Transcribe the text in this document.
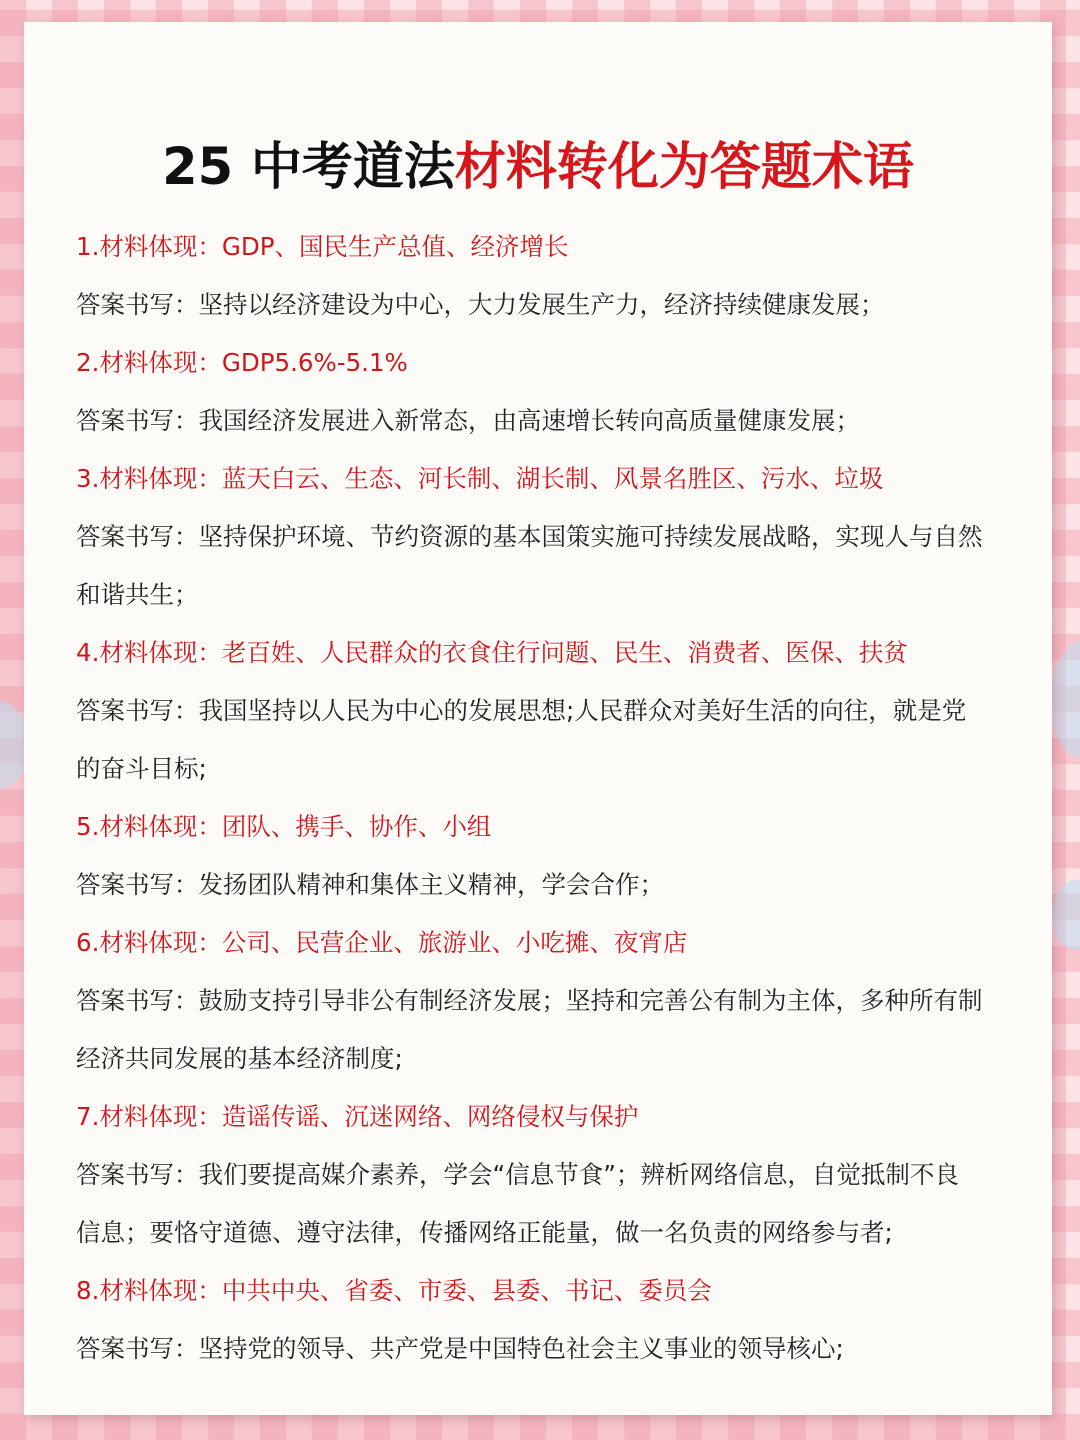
25 中考道法材料转化为答题术语

1.材料体现：GDP、国民生产总值、经济增长

答案书写：坚持以经济建设为中心，大力发展生产力，经济持续健康发展；

2.材料体现：GDP5.6%-5.1%

答案书写：我国经济发展进入新常态，由高速增长转向高质量健康发展；

3.材料体现：蓝天白云、生态、河长制、湖长制、风景名胜区、污水、垃圾

答案书写：坚持保护环境、节约资源的基本国策实施可持续发展战略，实现人与自然

和谐共生；

4.材料体现：老百姓、人民群众的衣食住行问题、民生、消费者、医保、扶贫

答案书写：我国坚持以人民为中心的发展思想;人民群众对美好生活的向往，就是党

的奋斗目标;

5.材料体现：团队、携手、协作、小组

答案书写：发扬团队精神和集体主义精神，学会合作；

6.材料体现：公司、民营企业、旅游业、小吃摊、夜宵店

答案书写：鼓励支持引导非公有制经济发展；坚持和完善公有制为主体，多种所有制

经济共同发展的基本经济制度;

7.材料体现：造谣传谣、沉迷网络、网络侵权与保护

答案书写：我们要提高媒介素养，学会“信息节食”；辨析网络信息，自觉抵制不良

信息；要恪守道德、遵守法律，传播网络正能量，做一名负责的网络参与者;

8.材料体现：中共中央、省委、市委、县委、书记、委员会

答案书写：坚持党的领导、共产党是中国特色社会主义事业的领导核心;
